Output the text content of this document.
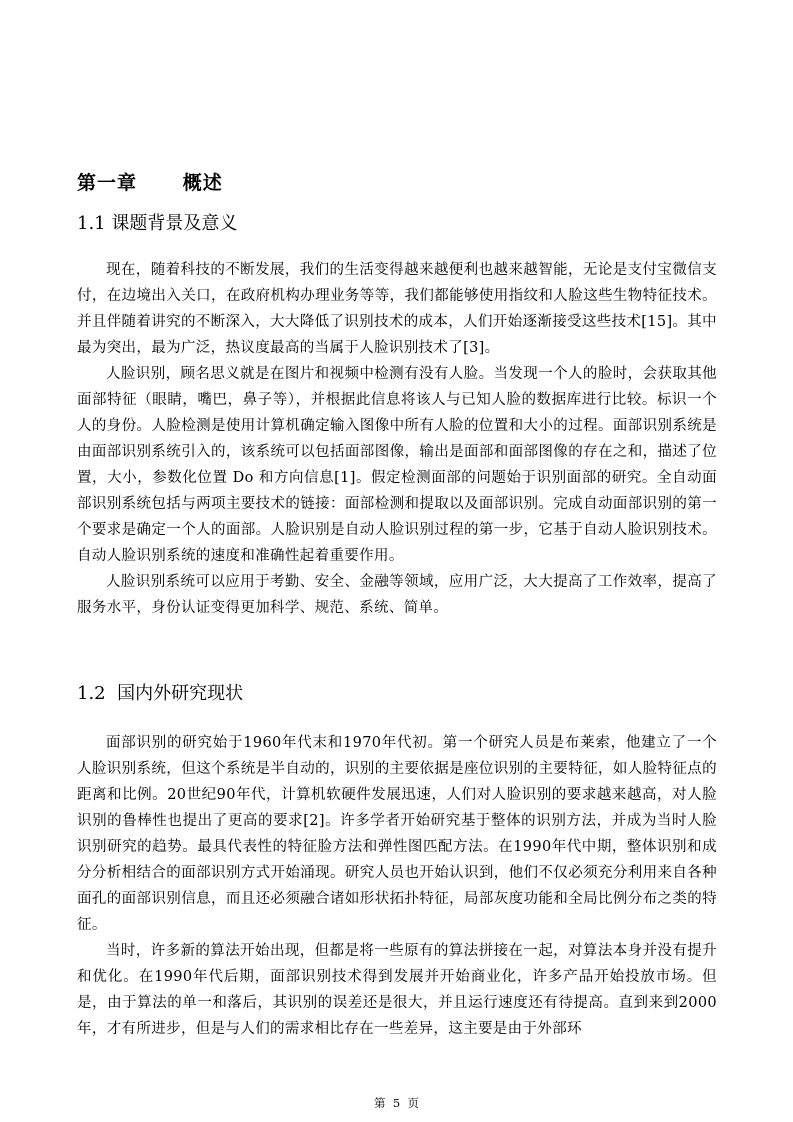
第一章      概述
1.1 课题背景及意义

现在，随着科技的不断发展，我们的生活变得越来越便利也越来越智能，无论是支付宝微信支付，在边境出入关口，在政府机构办理业务等等，我们都能够使用指纹和人脸这些生物特征技术。并且伴随着讲究的不断深入，大大降低了识别技术的成本，人们开始逐渐接受这些技术[15]。其中最为突出，最为广泛，热议度最高的当属于人脸识别技术了[3]。

人脸识别，顾名思义就是在图片和视频中检测有没有人脸。当发现一个人的脸时，会获取其他面部特征（眼睛，嘴巴，鼻子等），并根据此信息将该人与已知人脸的数据库进行比较。标识一个人的身份。人脸检测是使用计算机确定输入图像中所有人脸的位置和大小的过程。面部识别系统是由面部识别系统引入的，该系统可以包括面部图像，输出是面部和面部图像的存在之和，描述了位置，大小，参数化位置 Do 和方向信息[1]。假定检测面部的问题始于识别面部的研究。全自动面部识别系统包括与两项主要技术的链接：面部检测和提取以及面部识别。完成自动面部识别的第一个要求是确定一个人的面部。人脸识别是自动人脸识别过程的第一步，它基于自动人脸识别技术。自动人脸识别系统的速度和准确性起着重要作用。

人脸识别系统可以应用于考勤、安全、金融等领域，应用广泛，大大提高了工作效率，提高了服务水平，身份认证变得更加科学、规范、系统、简单。

1.2  国内外研究现状

面部识别的研究始于1960年代末和1970年代初。第一个研究人员是布莱索，他建立了一个人脸识别系统，但这个系统是半自动的，识别的主要依据是座位识别的主要特征，如人脸特征点的距离和比例。20世纪90年代，计算机软硬件发展迅速，人们对人脸识别的要求越来越高，对人脸识别的鲁棒性也提出了更高的要求[2]。许多学者开始研究基于整体的识别方法，并成为当时人脸识别研究的趋势。最具代表性的特征脸方法和弹性图匹配方法。在1990年代中期，整体识别和成分分析相结合的面部识别方式开始涌现。研究人员也开始认识到，他们不仅必须充分利用来自各种面孔的面部识别信息，而且还必须融合诸如形状拓扑特征，局部灰度功能和全局比例分布之类的特征。

当时，许多新的算法开始出现，但都是将一些原有的算法拼接在一起，对算法本身并没有提升和优化。在1990年代后期，面部识别技术得到发展并开始商业化，许多产品开始投放市场。但是，由于算法的单一和落后，其识别的误差还是很大，并且运行速度还有待提高。直到来到2000年，才有所进步，但是与人们的需求相比存在一些差异，这主要是由于外部环

第  5  页
